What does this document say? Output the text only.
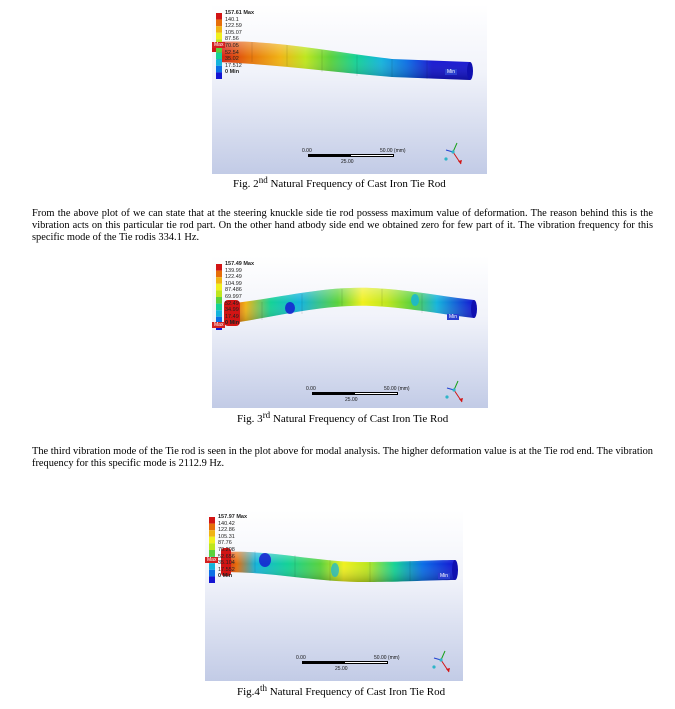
157.61 Max
140.1
122.59
105.07
87.56
70.05
52.54
35.02
17.512
0 Min
Max
Min
0.00	50.00 (mm)
25.00
Fig. 2nd Natural Frequency of Cast Iron Tie Rod
From the above plot of we can state that at the steering knuckle side tie rod possess maximum value of deformation. The reason behind this is the vibration acts on this particular tie rod part. On the other hand atbody side end we obtained zero for few part of it. The vibration frequency for this specific mode of the Tie rodis 334.1 Hz.
157.49 Max
139.99
122.49
104.99
87.486
69.997
52.49
34.99
17.49
0 Min
Max
Min
0.00	50.00 (mm)
25.00
Fig. 3rd Natural Frequency of Cast Iron Tie Rod
The third vibration mode of the Tie rod is seen in the plot above for modal analysis. The higher deformation value is at the Tie rod end. The vibration frequency for this specific mode is 2112.9 Hz.
157.97 Max
140.42
122.86
105.31
87.76
70.208
52.656
35.104
17.552
0 Min
Max
Min
0.00	50.00 (mm)
25.00
Fig.4th Natural Frequency of Cast Iron Tie Rod
